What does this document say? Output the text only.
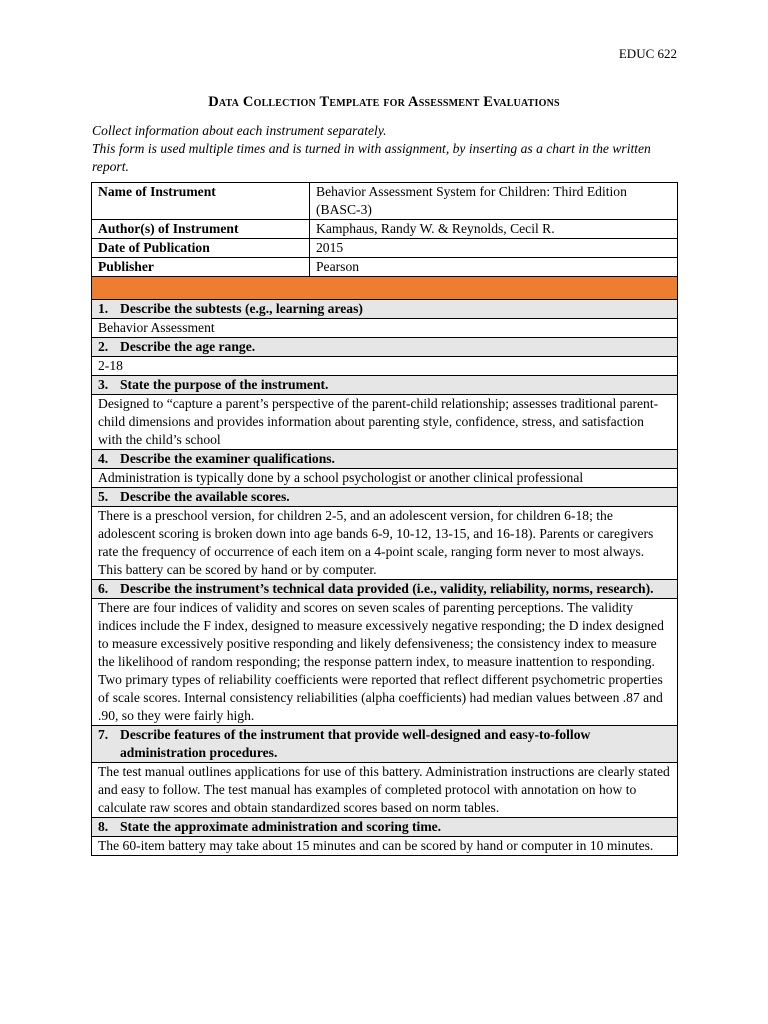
EDUC 622
Data Collection Template for Assessment Evaluations

Collect information about each instrument separately.

This form is used multiple times and is turned in with assignment, by inserting as a chart in the written report.

Name of Instrument	Behavior Assessment System for Children: Third Edition (BASC-3)
Author(s) of Instrument	Kamphaus, Randy W. & Reynolds, Cecil R.
Date of Publication	2015
Publisher	Pearson

1. Describe the subtests (e.g., learning areas)	

Behavior Assessment	

2. Describe the age range.	

2-18	

3. State the purpose of the instrument.	

Designed to “capture a parent’s perspective of the parent-child relationship; assesses traditional parent-child dimensions and provides information about parenting style, confidence, stress, and satisfaction with the child’s school	

4. Describe the examiner qualifications.	

Administration is typically done by a school psychologist or another clinical professional	

5. Describe the available scores.	

There is a preschool version, for children 2-5, and an adolescent version, for children 6-18; the adolescent scoring is broken down into age bands 6-9, 10-12, 13-15, and 16-18). Parents or caregivers rate the frequency of occurrence of each item on a 4-point scale, ranging form never to most always. This battery can be scored by hand or by computer.	

6. Describe the instrument’s technical data provided (i.e., validity, reliability, norms, research).	

There are four indices of validity and scores on seven scales of parenting perceptions. The validity indices include the F index, designed to measure excessively negative responding; the D index designed to measure excessively positive responding and likely defensiveness; the consistency index to measure the likelihood of random responding; the response pattern index, to measure inattention to responding. Two primary types of reliability coefficients were reported that reflect different psychometric properties of scale scores. Internal consistency reliabilities (alpha coefficients) had median values between .87 and .90, so they were fairly high.	

7. Describe features of the instrument that provide well-designed and easy-to-follow administration procedures.	

The test manual outlines applications for use of this battery. Administration instructions are clearly stated and easy to follow. The test manual has examples of completed protocol with annotation on how to calculate raw scores and obtain standardized scores based on norm tables.	

8. State the approximate administration and scoring time.	

The 60-item battery may take about 15 minutes and can be scored by hand or computer in 10 minutes.	
